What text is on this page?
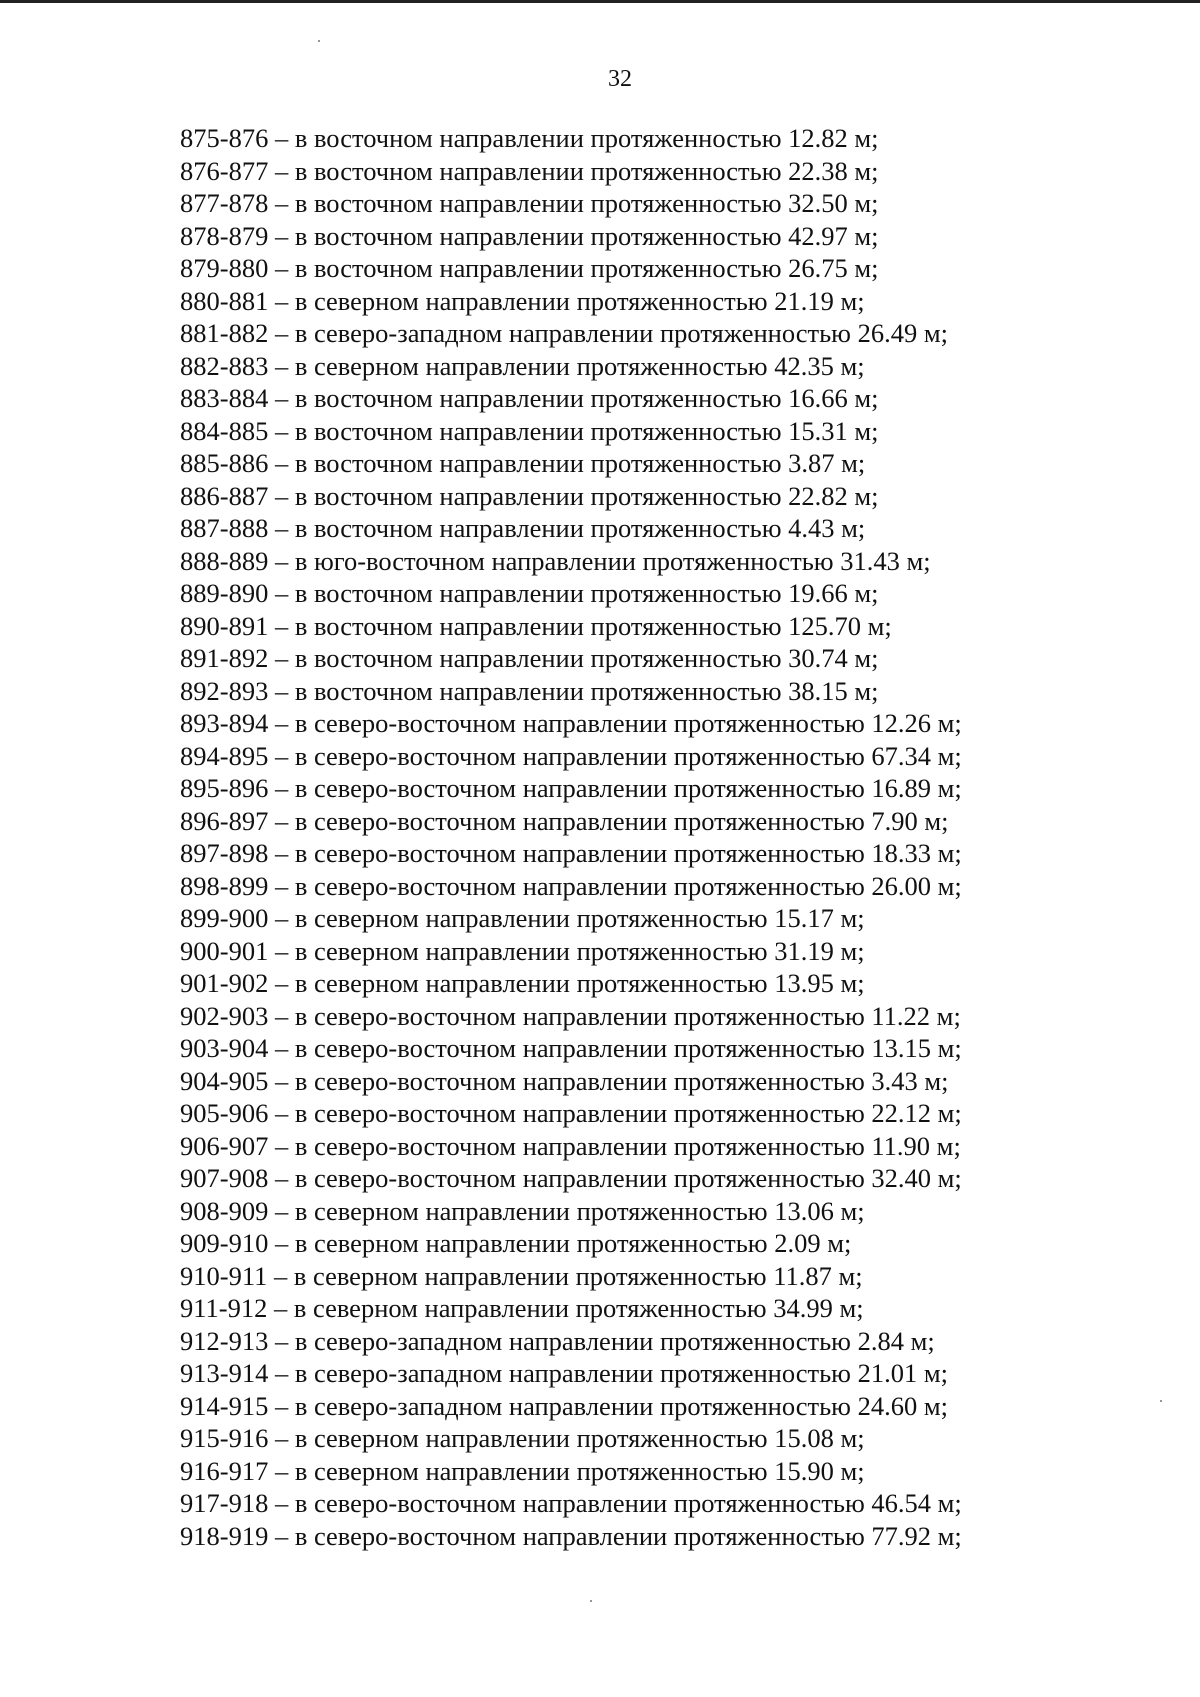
32
875-876 – в восточном направлении протяженностью 12.82 м;
876-877 – в восточном направлении протяженностью 22.38 м;
877-878 – в восточном направлении протяженностью 32.50 м;
878-879 – в восточном направлении протяженностью 42.97 м;
879-880 – в восточном направлении протяженностью 26.75 м;
880-881 – в северном направлении протяженностью 21.19 м;
881-882 – в северо-западном направлении протяженностью 26.49 м;
882-883 – в северном направлении протяженностью 42.35 м;
883-884 – в восточном направлении протяженностью 16.66 м;
884-885 – в восточном направлении протяженностью 15.31 м;
885-886 – в восточном направлении протяженностью 3.87 м;
886-887 – в восточном направлении протяженностью 22.82 м;
887-888 – в восточном направлении протяженностью 4.43 м;
888-889 – в юго-восточном направлении протяженностью 31.43 м;
889-890 – в восточном направлении протяженностью 19.66 м;
890-891 – в восточном направлении протяженностью 125.70 м;
891-892 – в восточном направлении протяженностью 30.74 м;
892-893 – в восточном направлении протяженностью 38.15 м;
893-894 – в северо-восточном направлении протяженностью 12.26 м;
894-895 – в северо-восточном направлении протяженностью 67.34 м;
895-896 – в северо-восточном направлении протяженностью 16.89 м;
896-897 – в северо-восточном направлении протяженностью 7.90 м;
897-898 – в северо-восточном направлении протяженностью 18.33 м;
898-899 – в северо-восточном направлении протяженностью 26.00 м;
899-900 – в северном направлении протяженностью 15.17 м;
900-901 – в северном направлении протяженностью 31.19 м;
901-902 – в северном направлении протяженностью 13.95 м;
902-903 – в северо-восточном направлении протяженностью 11.22 м;
903-904 – в северо-восточном направлении протяженностью 13.15 м;
904-905 – в северо-восточном направлении протяженностью 3.43 м;
905-906 – в северо-восточном направлении протяженностью 22.12 м;
906-907 – в северо-восточном направлении протяженностью 11.90 м;
907-908 – в северо-восточном направлении протяженностью 32.40 м;
908-909 – в северном направлении протяженностью 13.06 м;
909-910 – в северном направлении протяженностью 2.09 м;
910-911 – в северном направлении протяженностью 11.87 м;
911-912 – в северном направлении протяженностью 34.99 м;
912-913 – в северо-западном направлении протяженностью 2.84 м;
913-914 – в северо-западном направлении протяженностью 21.01 м;
914-915 – в северо-западном направлении протяженностью 24.60 м;
915-916 – в северном направлении протяженностью 15.08 м;
916-917 – в северном направлении протяженностью 15.90 м;
917-918 – в северо-восточном направлении протяженностью 46.54 м;
918-919 – в северо-восточном направлении протяженностью 77.92 м;
